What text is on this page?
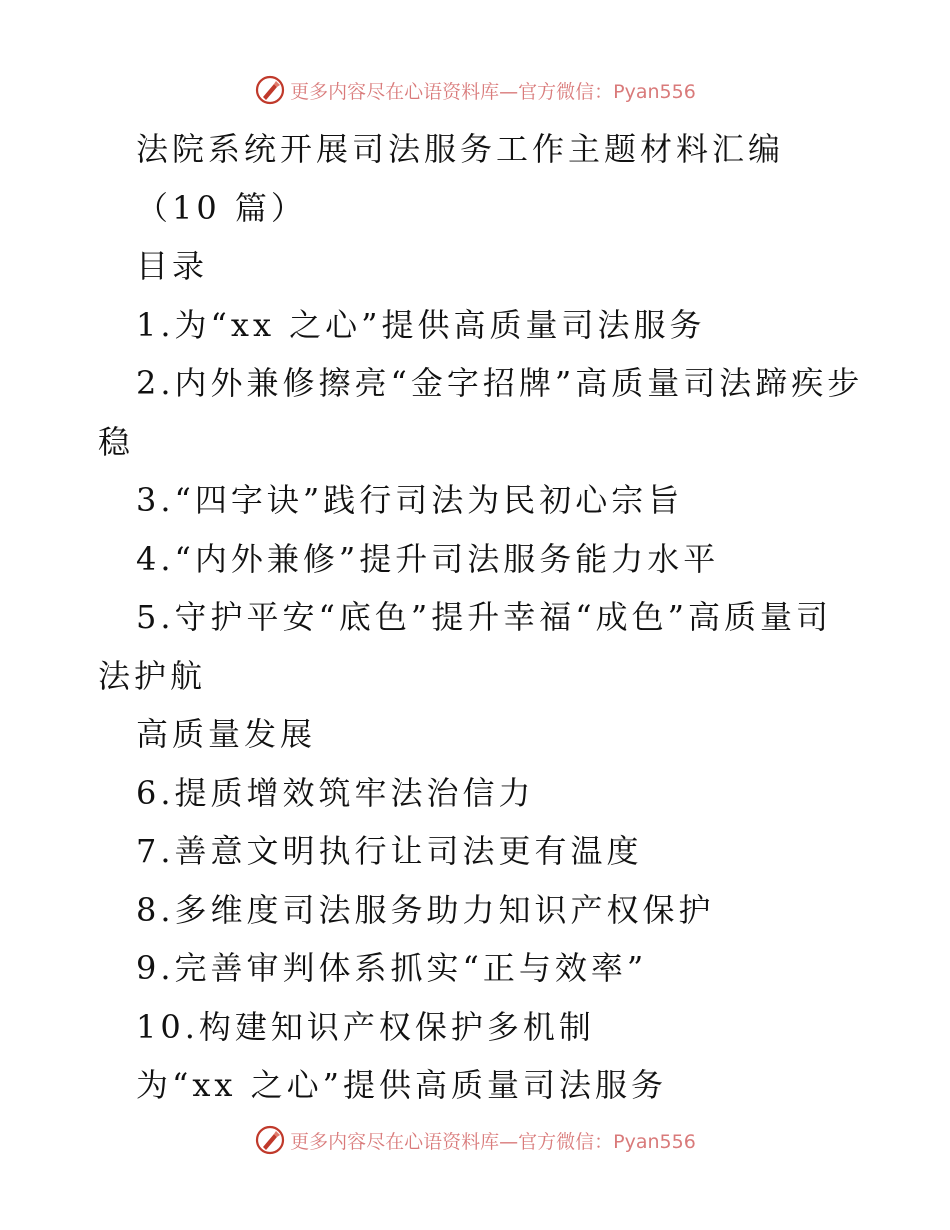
更多内容尽在心语资料库—官方微信：Pyan556

法院系统开展司法服务工作主题材料汇编

（10 篇）

目录

1.为“xx 之心”提供高质量司法服务

2.内外兼修擦亮“金字招牌”高质量司法蹄疾步

稳

3.“四字诀”践行司法为民初心宗旨

4.“内外兼修”提升司法服务能力水平

5.守护平安“底色”提升幸福“成色”高质量司

法护航

高质量发展

6.提质增效筑牢法治信力

7.善意文明执行让司法更有温度

8.多维度司法服务助力知识产权保护

9.完善审判体系抓实“正与效率”

10.构建知识产权保护多机制

为“xx 之心”提供高质量司法服务

更多内容尽在心语资料库—官方微信：Pyan556
